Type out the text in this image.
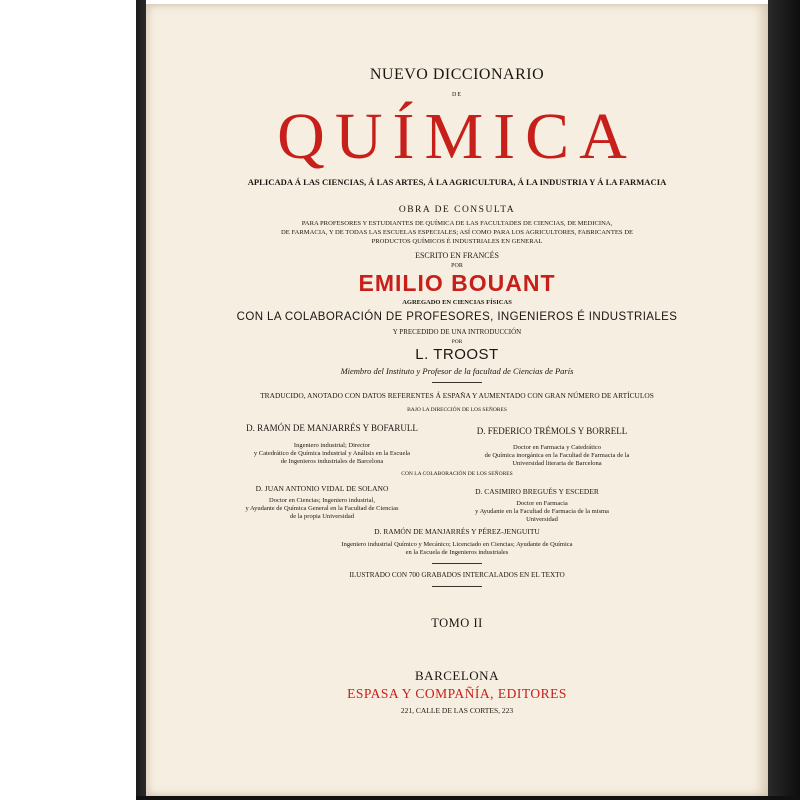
NUEVO DICCIONARIO
DE
QUÍMICA
APLICADA Á LAS CIENCIAS, Á LAS ARTES, Á LA AGRICULTURA, Á LA INDUSTRIA Y Á LA FARMACIA
OBRA DE CONSULTA
PARA PROFESORES Y ESTUDIANTES DE QUÍMICA DE LAS FACULTADES DE CIENCIAS, DE MEDICINA,
DE FARMACIA, Y DE TODAS LAS ESCUELAS ESPECIALES; ASÍ COMO PARA LOS AGRICULTORES, FABRICANTES DE
PRODUCTOS QUÍMICOS É INDUSTRIALES EN GENERAL
ESCRITO EN FRANCÉS
POR
EMILIO BOUANT
AGREGADO EN CIENCIAS FÍSICAS
CON LA COLABORACIÓN DE PROFESORES, INGENIEROS É INDUSTRIALES
Y PRECEDIDO DE UNA INTRODUCCIÓN
POR
L. TROOST
Miembro del Instituto y Profesor de la facultad de Ciencias de París
TRADUCIDO, ANOTADO CON DATOS REFERENTES Á ESPAÑA Y AUMENTADO CON GRAN NÚMERO DE ARTÍCULOS
BAJO LA DIRECCIÓN DE LOS SEÑORES
D. RAMÓN DE MANJARRÉS Y BOFARULL
Ingeniero industrial; Director
y Catedrático de Química industrial y Análisis en la Escuela
de Ingenieros industriales de Barcelona
D. FEDERICO TRÉMOLS Y BORRELL
Doctor en Farmacia y Catedrático
de Química inorgánica en la Facultad de Farmacia de la
Universidad literaria de Barcelona
CON LA COLABORACIÓN DE LOS SEÑORES
D. JUAN ANTONIO VIDAL DE SOLANO
Doctor en Ciencias; Ingeniero industrial,
y Ayudante de Química General en la Facultad de Ciencias
de la propia Universidad
D. CASIMIRO BREGUÉS Y ESCEDER
Doctor en Farmacia
y Ayudante en la Facultad de Farmacia de la misma
Universidad
D. RAMÓN DE MANJARRÉS Y PÉREZ-JENGUITU
Ingeniero industrial Químico y Mecánico; Licenciado en Ciencias; Ayudante de Química
en la Escuela de Ingenieros industriales
ILUSTRADO CON 700 GRABADOS INTERCALADOS EN EL TEXTO
TOMO II
BARCELONA
ESPASA Y COMPAÑÍA, EDITORES
221, CALLE DE LAS CORTES, 223
